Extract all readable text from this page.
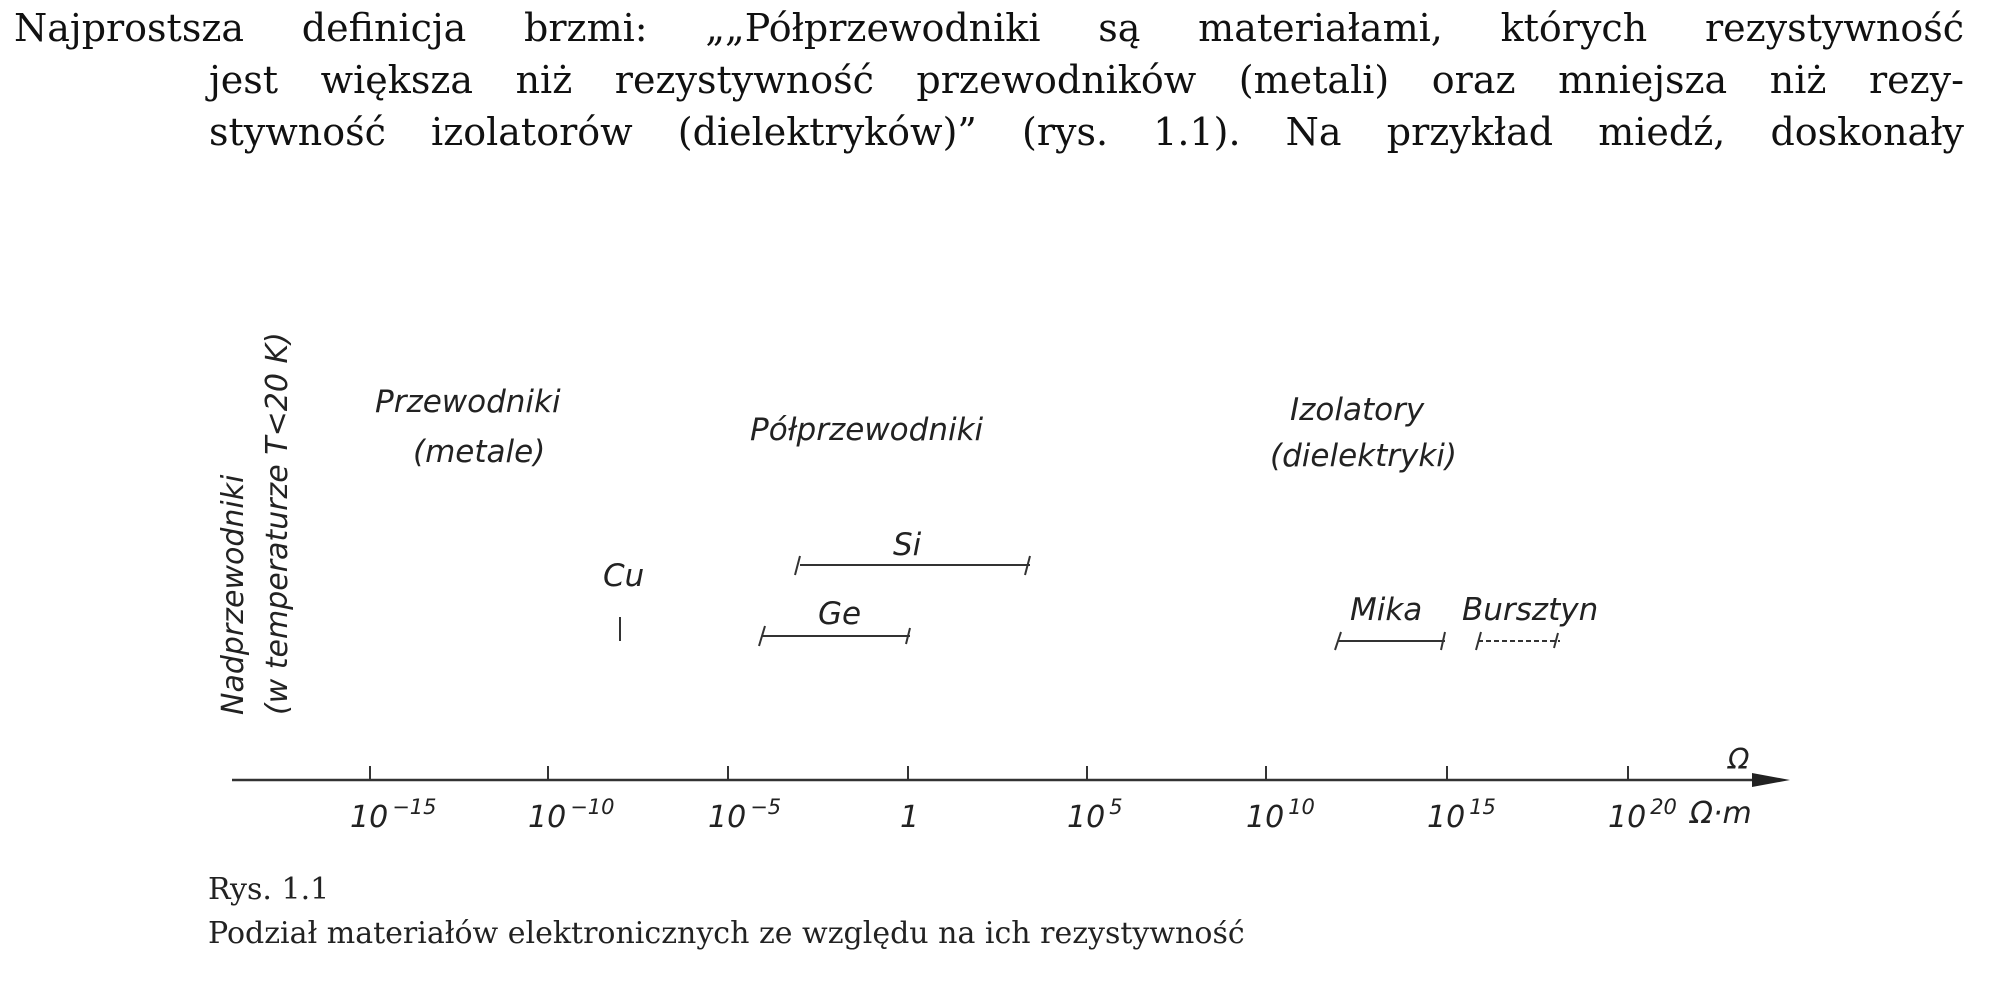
Najprostsza definicja brzmi: „„Półprzewodniki są materiałami, których rezystywność
jest większa niż rezystywność przewodników (metali) oraz mniejsza niż rezy-
stywność izolatorów (dielektryków)” (rys. 1.1). Na przykład miedź, doskonały
Nadprzewodniki (w temperaturze T<20 K)	Przewodniki
(metale)
Półprzewodniki
Izolatory
(dielektryki)
Cu
Si
Ge	Mika Bursztyn
Ω
Ω·m
10 $^{-15}$	10 $^{-10}$	10 $^{-5}$	1	10 $^5$	10 $^{10}$	10 $^{15}$	10 $^{20}$
Rys. 1.1
Podział materiałów elektronicznych ze względu na ich rezystywność
